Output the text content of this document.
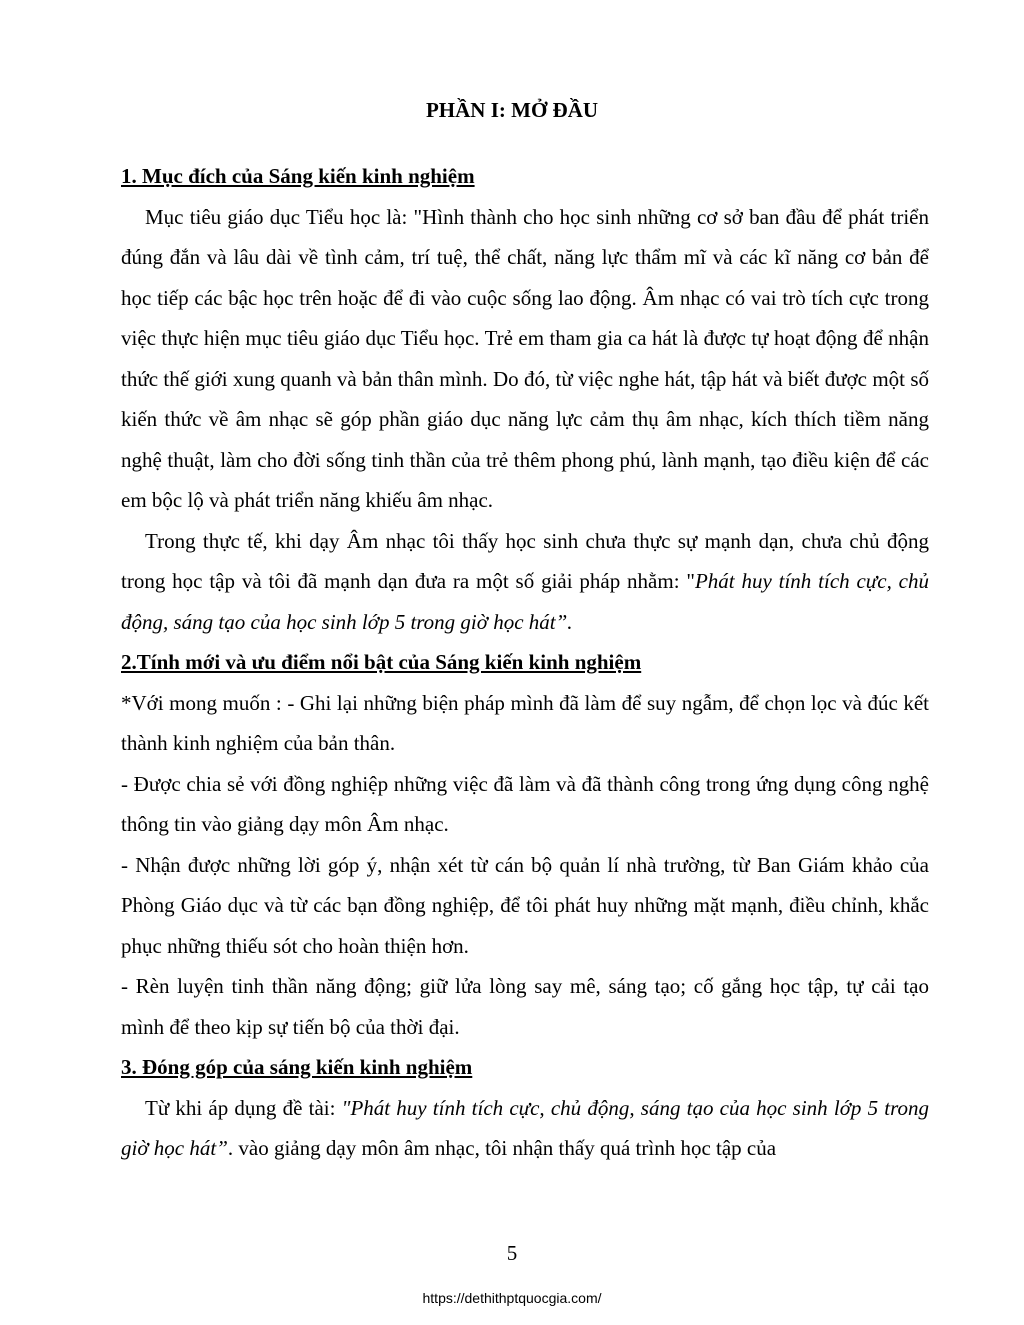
PHẦN I: MỞ ĐẦU

1. Mục đích của Sáng kiến kinh nghiệm

Mục tiêu giáo dục Tiểu học là: "Hình thành cho học sinh những cơ sở ban đầu để phát triển đúng đắn và lâu dài về tình cảm, trí tuệ, thể chất, năng lực thẩm mĩ và các kĩ năng cơ bản để học tiếp các bậc học trên hoặc để đi vào cuộc sống lao động. Âm nhạc có vai trò tích cực trong việc thực hiện mục tiêu giáo dục Tiểu học. Trẻ em tham gia ca hát là được tự hoạt động để nhận thức thế giới xung quanh và bản thân mình. Do đó, từ việc nghe hát, tập hát và biết được một số kiến thức về âm nhạc sẽ góp phần giáo dục năng lực cảm thụ âm nhạc, kích thích tiềm năng nghệ thuật, làm cho đời sống tinh thần của trẻ thêm phong phú, lành mạnh, tạo điều kiện để các em bộc lộ và phát triển năng khiếu âm nhạc.

Trong thực tế, khi dạy Âm nhạc tôi thấy học sinh chưa thực sự mạnh dạn, chưa chủ động trong học tập và tôi đã mạnh dạn đưa ra một số giải pháp nhằm: "Phát huy tính tích cực, chủ động, sáng tạo của học sinh lớp 5 trong giờ học hát”.

2.Tính mới và ưu điểm nổi bật của Sáng kiến kinh nghiệm

*Với mong muốn : - Ghi lại những biện pháp mình đã làm để suy ngẫm, để chọn lọc và đúc kết thành kinh nghiệm của bản thân.

- Được chia sẻ với đồng nghiệp những việc đã làm và đã thành công trong ứng dụng công nghệ thông tin vào giảng dạy môn Âm nhạc.

- Nhận được những lời góp ý, nhận xét từ cán bộ quản lí nhà trường, từ Ban Giám khảo của Phòng Giáo dục và từ các bạn đồng nghiệp, để tôi phát huy những mặt mạnh, điều chỉnh, khắc phục những thiếu sót cho hoàn thiện hơn.

- Rèn luyện tinh thần năng động; giữ lửa lòng say mê, sáng tạo; cố gắng học tập, tự cải tạo mình để theo kịp sự tiến bộ của thời đại.

3. Đóng góp của sáng kiến kinh nghiệm

Từ khi áp dụng đề tài: "Phát huy tính tích cực, chủ động, sáng tạo của học sinh lớp 5 trong giờ học hát”. vào giảng dạy môn âm nhạc, tôi nhận thấy quá trình học tập của

5
https://dethithptquocgia.com/
